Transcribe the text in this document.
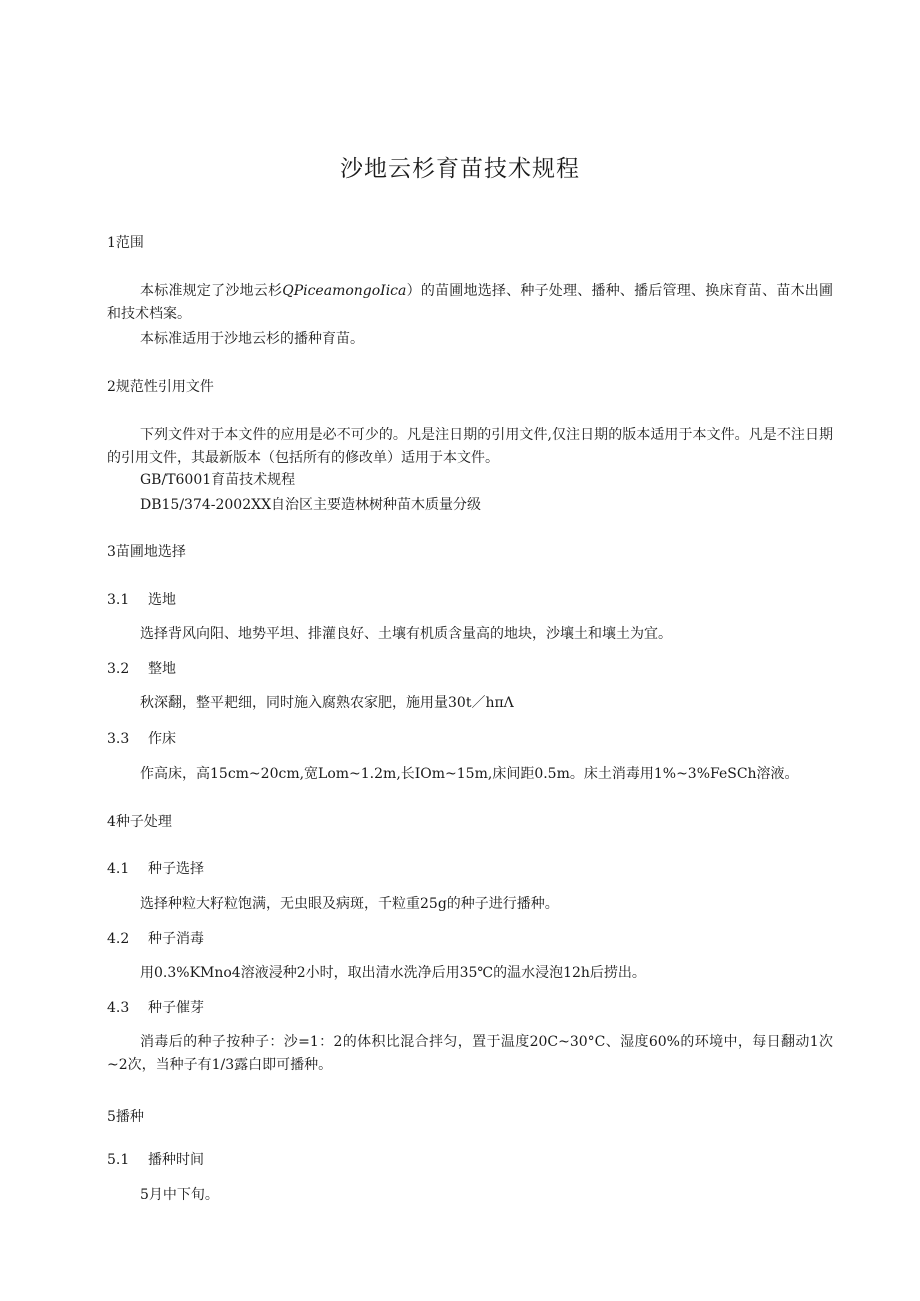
沙地云杉育苗技术规程
1范围
本标准规定了沙地云杉QPiceamongoIica）的苗圃地选择、种子处理、播种、播后管理、换床育苗、苗木出圃和技术档案。
本标准适用于沙地云杉的播种育苗。
2规范性引用文件
下列文件对于本文件的应用是必不可少的。凡是注日期的引用文件,仅注日期的版本适用于本文件。凡是不注日期的引用文件，其最新版本（包括所有的修改单）适用于本文件。
GB/T6001育苗技术规程
DB15/374-2002XX自治区主要造林树种苗木质量分级
3苗圃地选择
3.1 选地
选择背风向阳、地势平坦、排灌良好、土壤有机质含量高的地块，沙壤土和壤土为宜。
3.2 整地
秋深翻，整平耙细，同时施入腐熟农家肥，施用量30t／hπΛ
3.3 作床
作高床，高15cm~20cm,宽Lom~1.2m,长IOm~15m,床间距0.5m。床土消毒用1%~3%FeSCh溶液。
4种子处理
4.1 种子选择
选择种粒大籽粒饱满，无虫眼及病斑，千粒重25g的种子进行播种。
4.2 种子消毒
用0.3%KMno4溶液浸种2小时，取出清水洗净后用35℃的温水浸泡12h后捞出。
4.3 种子催芽
消毒后的种子按种子：沙=1：2的体积比混合拌匀，置于温度20C~30°C、湿度60%的环境中，每日翻动1次~2次，当种子有1/3露白即可播种。
5播种
5.1 播种时间
5月中下旬。
